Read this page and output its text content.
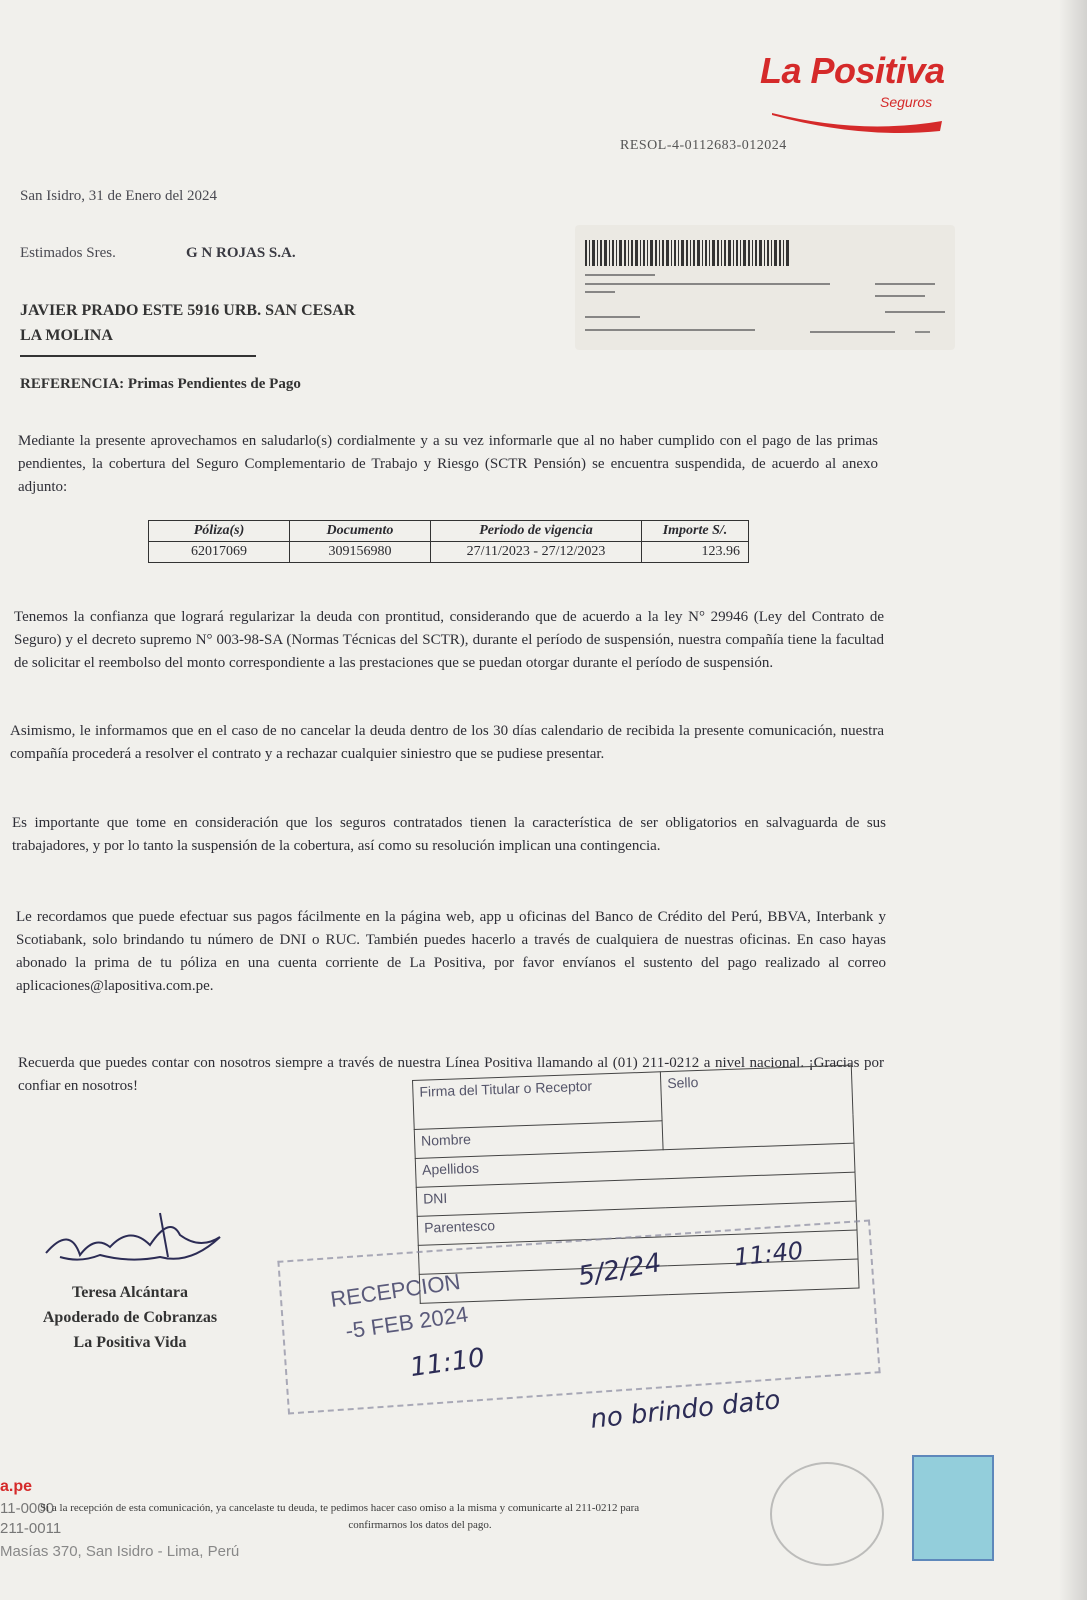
La Positiva
Seguros
RESOL-4-0112683-012024
San Isidro, 31 de Enero del 2024
Estimados Sres.	G N ROJAS S.A.
JAVIER PRADO ESTE 5916 URB. SAN CESAR
LA MOLINA
REFERENCIA: Primas Pendientes de Pago
Mediante la presente aprovechamos en saludarlo(s) cordialmente y a su vez informarle que al no haber cumplido con el pago de las primas pendientes, la cobertura del Seguro Complementario de Trabajo y Riesgo (SCTR Pensión) se encuentra suspendida, de acuerdo al anexo adjunto:
Póliza(s)	Documento	Periodo de vigencia	Importe S/.
62017069	309156980	27/11/2023 - 27/12/2023	123.96
Tenemos la confianza que logrará regularizar la deuda con prontitud, considerando que de acuerdo a la ley N° 29946 (Ley del Contrato de Seguro) y el decreto supremo N° 003-98-SA (Normas Técnicas del SCTR), durante el período de suspensión, nuestra compañía tiene la facultad de solicitar el reembolso del monto correspondiente a las prestaciones que se puedan otorgar durante el período de suspensión.
Asimismo, le informamos que en el caso de no cancelar la deuda dentro de los 30 días calendario de recibida la presente comunicación, nuestra compañía procederá a resolver el contrato y a rechazar cualquier siniestro que se pudiese presentar.
Es importante que tome en consideración que los seguros contratados tienen la característica de ser obligatorios en salvaguarda de sus trabajadores, y por lo tanto la suspensión de la cobertura, así como su resolución implican una contingencia.
Le recordamos que puede efectuar sus pagos fácilmente en la página web, app u oficinas del Banco de Crédito del Perú, BBVA, Interbank y Scotiabank, solo brindando tu número de DNI o RUC. También puedes hacerlo a través de cualquiera de nuestras oficinas. En caso hayas abonado la prima de tu póliza en una cuenta corriente de La Positiva, por favor envíanos el sustento del pago realizado al correo aplicaciones@lapositiva.com.pe.
Recuerda que puedes contar con nosotros siempre a través de nuestra Línea Positiva llamando al (01) 211-0212 a nivel nacional. ¡Gracias por confiar en nosotros!	Firma del Titular o Receptor	Sello
Nombre
Apellidos
DNI
Parentesco

RECEPCION
-5 FEB 2024
11:10
5/2/24	11:40
no brindo dato
Teresa Alcántara
Apoderado de Cobranzas
La Positiva Vida
a.pe
11-0000
211-0011
Masías 370, San Isidro - Lima, Perú
Si a la recepción de esta comunicación, ya cancelaste tu deuda, te pedimos hacer caso omiso a la misma y comunicarte al 211-0212 para
confirmarnos los datos del pago.
